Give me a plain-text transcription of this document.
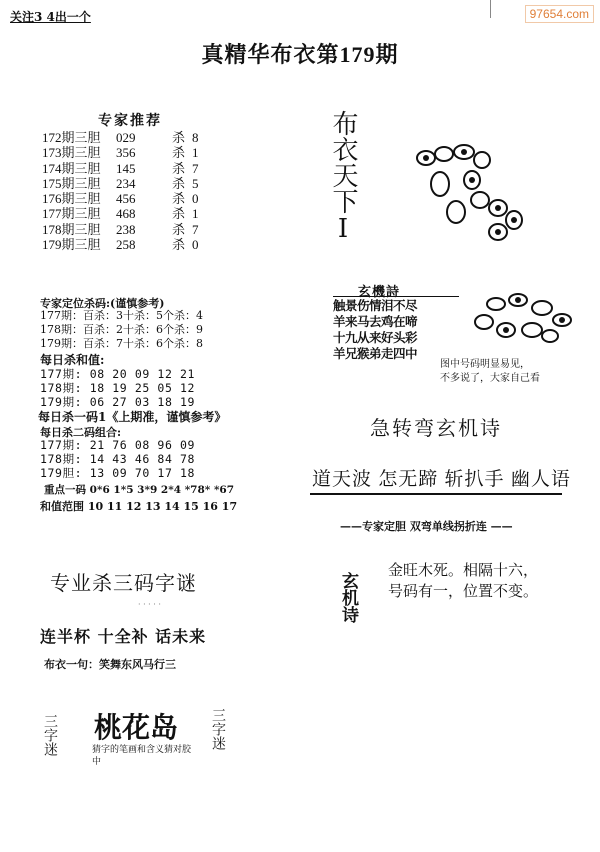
关注3 4出一个	97654.com
真精华布衣第179期
专家推荐
172期三胆 029	杀 8
173期三胆 356	杀 1
174期三胆 145	杀 7
175期三胆 234	杀 5
176期三胆 456	杀 0
177期三胆 468	杀 1
178期三胆 238	杀 7
179期三胆 258	杀 0
专家定位杀码:(谨慎参考)
177期：百杀：3十杀：5个杀：4
178期：百杀：2十杀：6个杀：9
179期：百杀：7十杀：6个杀：8
每日杀和值:
177期: 08 20 09 12 21
178期: 18 19 25 05 12
179期: 06 27 03 18 19
每日杀一码1《上期准，谨慎参考》
每日杀二码组合:
177期: 21 76 08 96 09
178期: 14 43 46 84 78
179胆: 13 09 70 17 18
重点一码 0*6 1*5 3*9 2*4 *78* *67
和值范围 10 11 12 13 14 15 16 17
专业杀三码字谜
· · · · ·
连半杯 十全补 话未来
布衣一句：笑舞东风马行三
三字迷 桃花岛
猜字的笔画和含义猜对胶中
三字迷
布衣天下Ⅰ
玄機詩
触景伤情泪不尽
羊来马去鸡在啼
十九从来好头彩
羊兄猴弟走四中
图中号码明显易见，
不多说了，大家自己看
急转弯玄机诗
道天波 怎无蹄 斩扒手 幽人语
——专家定胆 双弯单线拐折连 ——
玄机诗
金旺木死。相隔十六，
号码有一，位置不变。
